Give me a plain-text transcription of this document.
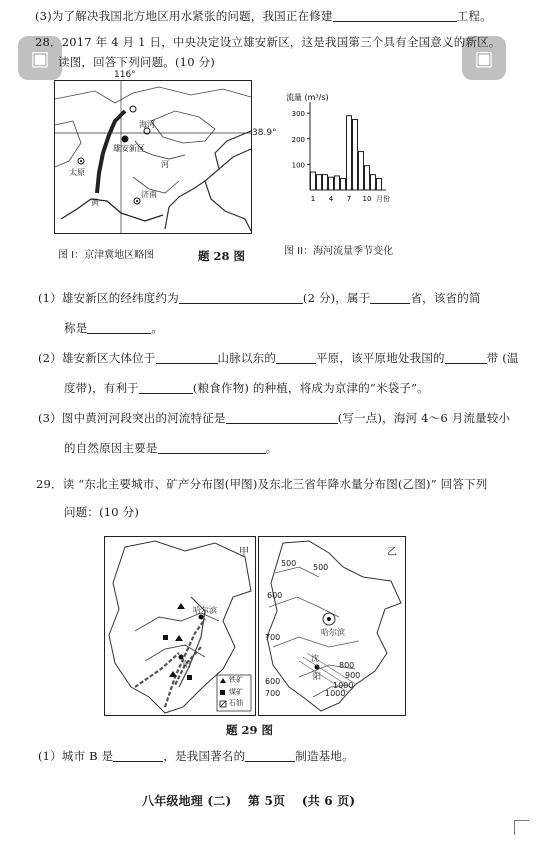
▣	▣
(3)为了解决我国北方地区用水紧张的问题，我国正在修建	工程。
28．2017 年 4 月 1 日，中央决定设立雄安新区，这是我国第三个具有全国意义的新区。
读图，回答下列问题。(10 分)
雄安新区
太原
济南
黄
海河
河
116°
38.9°
流量 (m³/s)
100
200
300
1 4 7 10 月份
图 I：京津冀地区略图	题 28 图	图 II：海河流量季节变化
(1）雄安新区的经纬度约为	(2 分)，属于	省，该省的简
称是	。
(2）雄安新区大体位于	山脉以东的	平原，该平原地处我国的	带 (温
度带)，有利于	(粮食作物) 的种植，将成为京津的“米袋子”。
(3）图中黄河河段突出的河流特征是	(写一点)，海河 4～6 月流量较小
的自然原因主要是	。
29．读 “东北主要城市、矿产分布图(甲图)及东北三省年降水量分布图(乙图)” 回答下列
问题：(10 分)
甲
哈尔滨
阳
铁矿
煤矿
石油
乙
500 500
600
700
800
900
1000
1000
600
700
哈尔滨
沈
阳
题 29 图
(1）城市 B 是	，是我国著名的	制造基地。
八年级地理 (二)　 第 5页　 (共 6 页)
